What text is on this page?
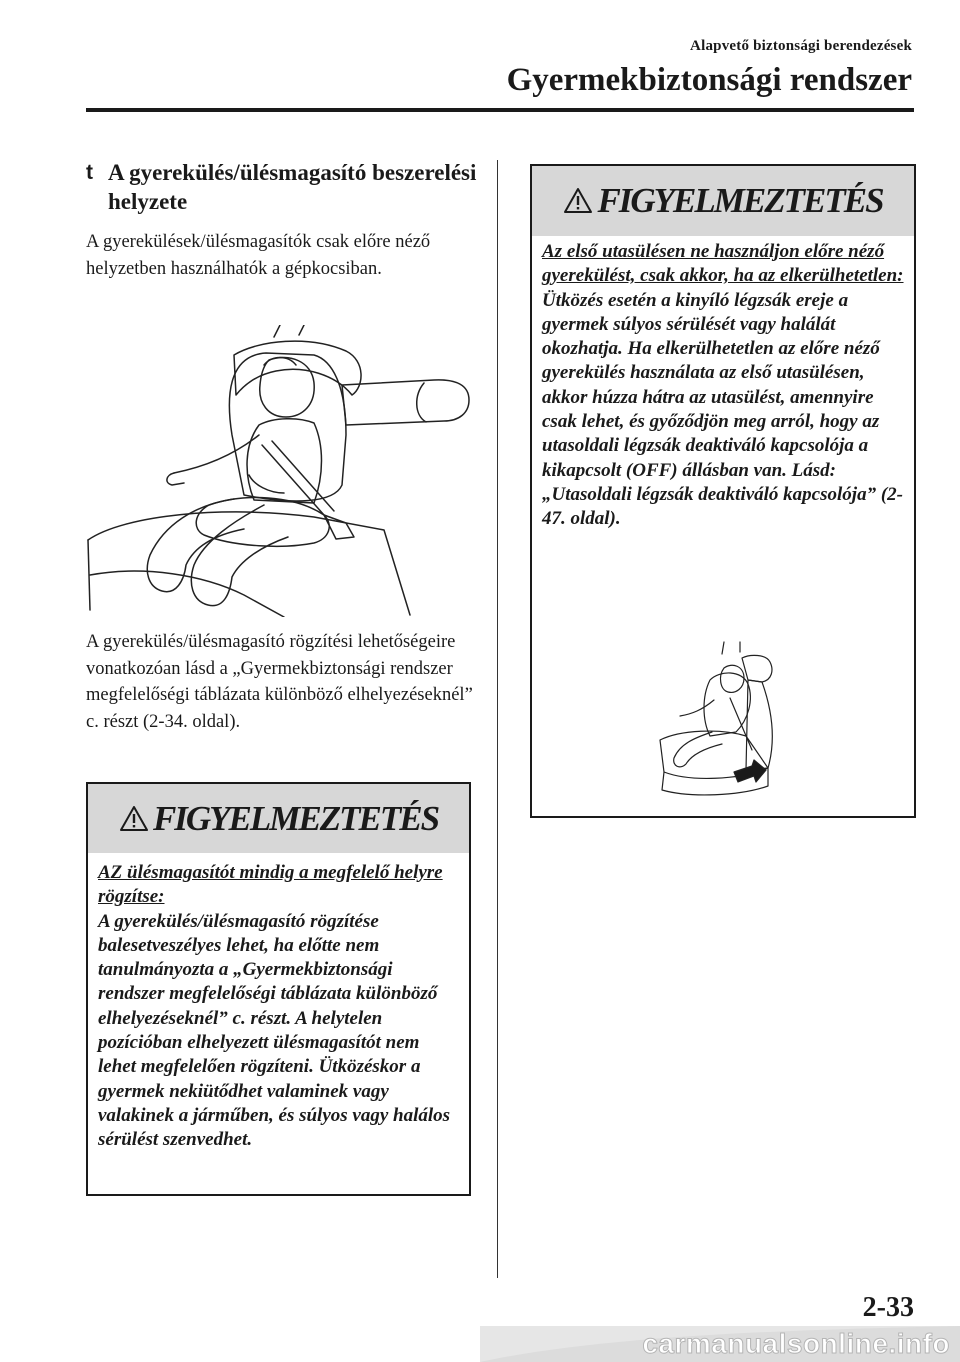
Alapvető biztonsági berendezések
Gyermekbiztonsági rendszer
t A gyerekülés/ülésmagasító beszerelési helyzete
A gyerekülések/ülésmagasítók csak előre néző helyzetben használhatók a gépkocsiban.
A gyerekülés/ülésmagasító rögzítési lehetőségeire vonatkozóan lásd a „Gyermekbiztonsági rendszer megfelelőségi táblázata különböző elhelyezéseknél” c. részt (2-34. oldal).
FIGYELMEZTETÉS
AZ ülésmagasítót mindig a megfelelő helyre rögzítse:
A gyerekülés/ülésmagasító rögzítése balesetveszélyes lehet, ha előtte nem tanulmányozta a „Gyermekbiztonsági rendszer megfelelőségi táblázata különböző elhelyezéseknél” c. részt. A helytelen pozícióban elhelyezett ülésmagasítót nem lehet megfelelően rögzíteni. Ütközéskor a gyermek nekiütődhet valaminek vagy valakinek a járműben, és súlyos vagy halálos sérülést szenvedhet.
FIGYELMEZTETÉS
Az első utasülésen ne használjon előre néző gyerekülést, csak akkor, ha az elkerülhetetlen:
Ütközés esetén a kinyíló légzsák ereje a gyermek súlyos sérülését vagy halálát okozhatja. Ha elkerülhetetlen az előre néző gyerekülés használata az első utasülésen, akkor húzza hátra az utasülést, amennyire csak lehet, és győződjön meg arról, hogy az utasoldali légzsák deaktiváló kapcsolója a kikapcsolt (OFF) állásban van. Lásd: „Utasoldali légzsák deaktiváló kapcsolója” (2-47. oldal).
2-33
carmanualsonline.info
